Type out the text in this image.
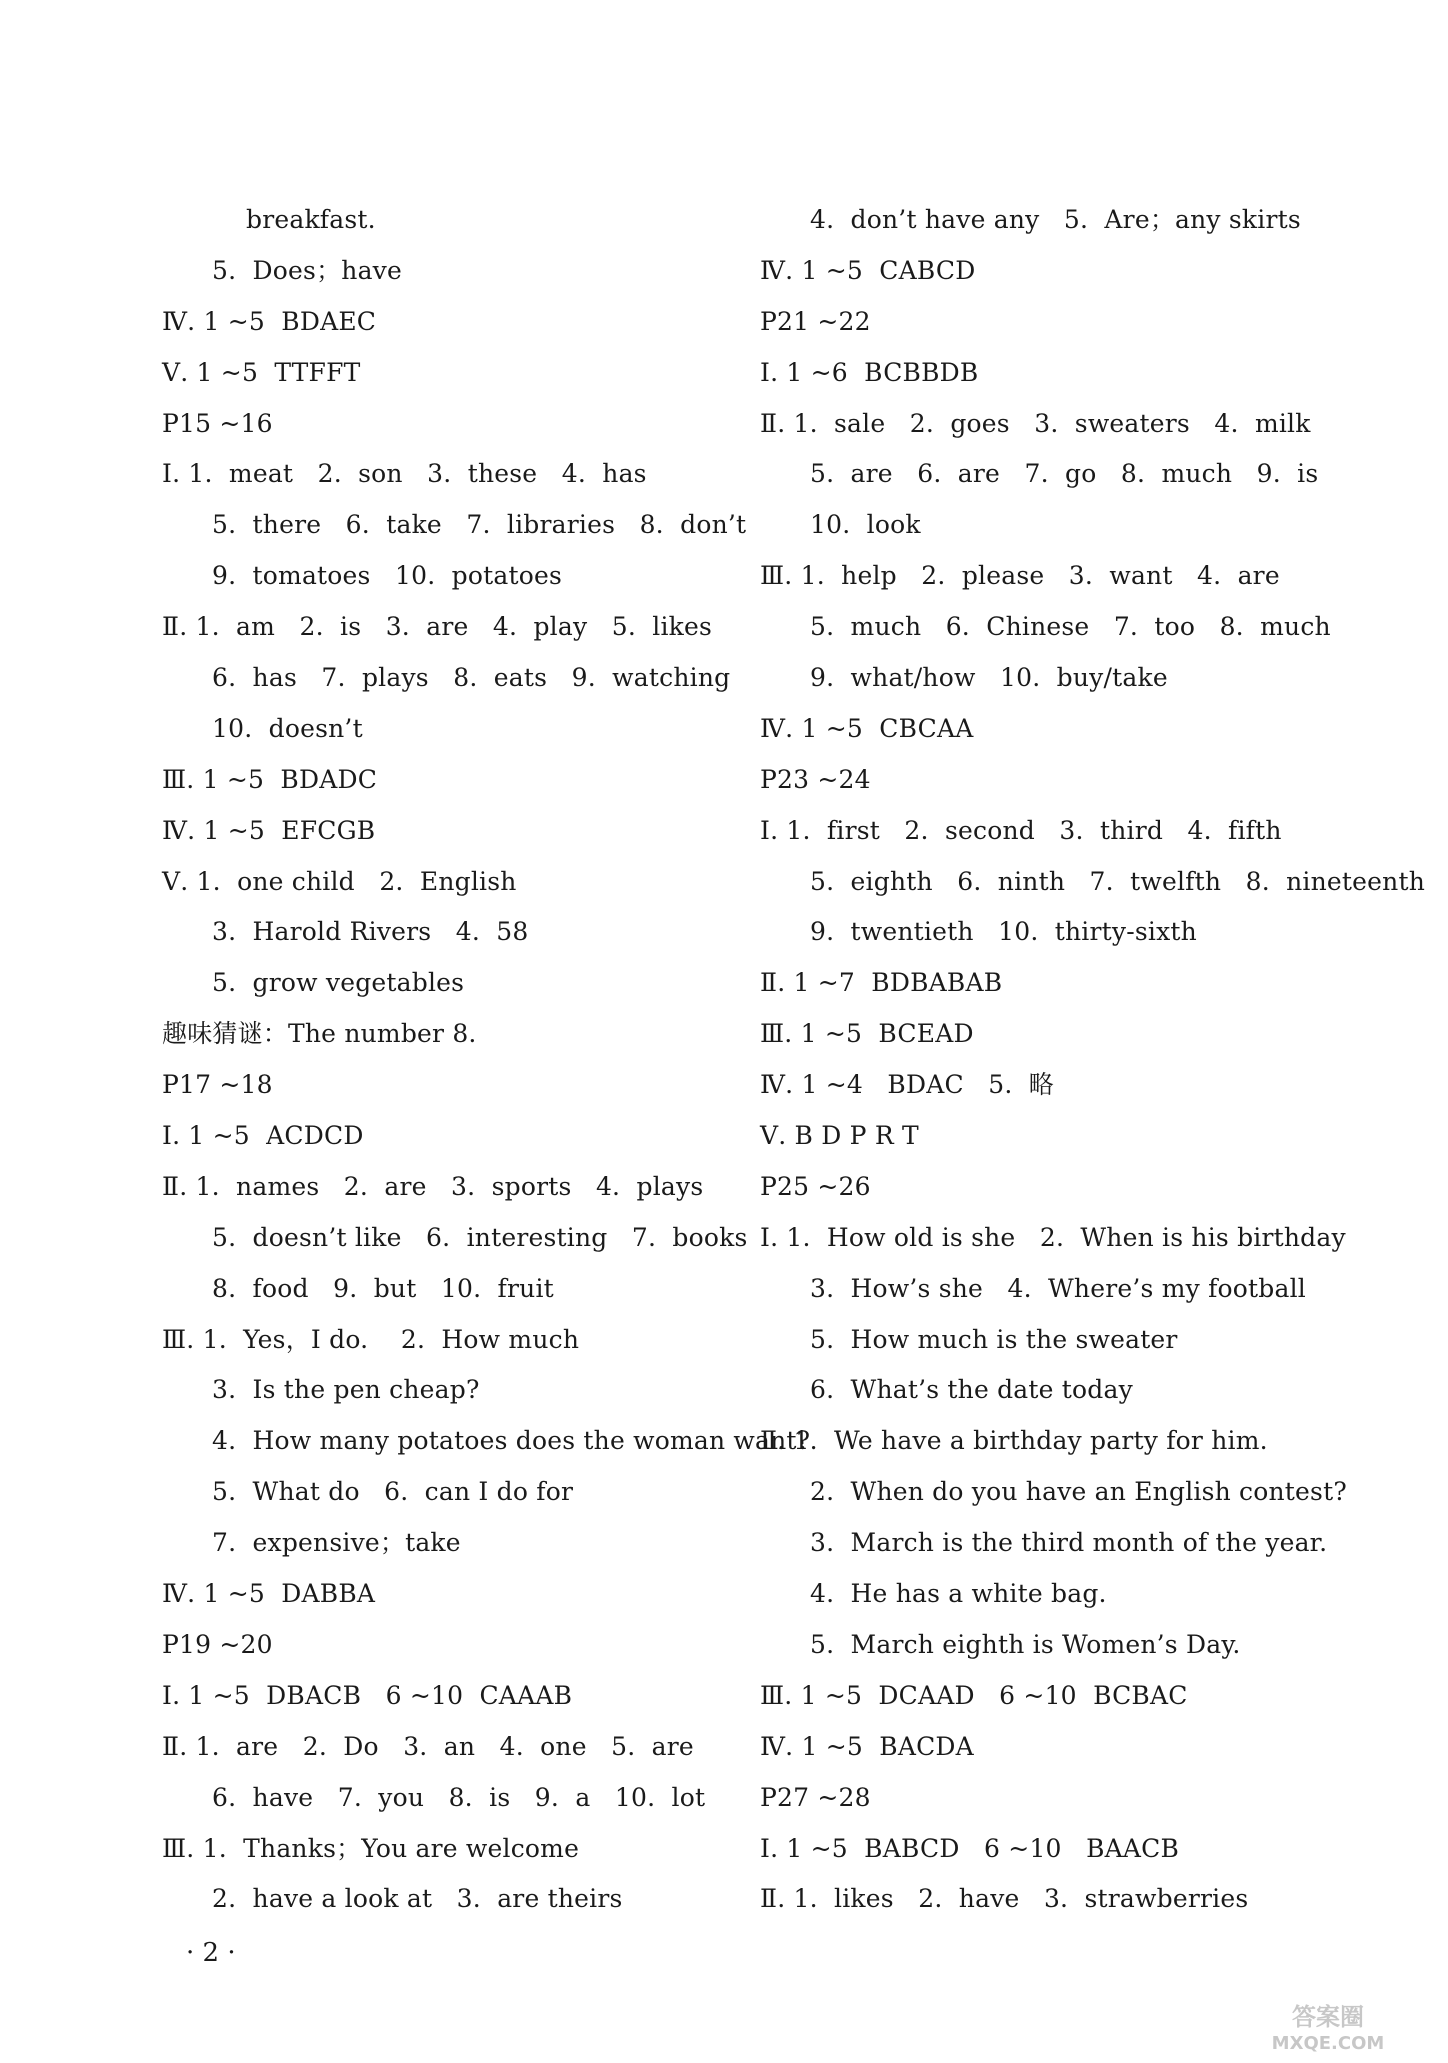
breakfast.
5.  Does；have
Ⅳ. 1 ~5  BDAEC
Ⅴ. 1 ~5  TTFFT
P15 ~16
Ⅰ. 1.  meat   2.  son   3.  these   4.  has
5.  there   6.  take   7.  libraries   8.  don’t
9.  tomatoes   10.  potatoes
Ⅱ. 1.  am   2.  is   3.  are   4.  play   5.  likes
6.  has   7.  plays   8.  eats   9.  watching
10.  doesn’t
Ⅲ. 1 ~5  BDADC
Ⅳ. 1 ~5  EFCGB
Ⅴ. 1.  one child   2.  English
3.  Harold Rivers   4.  58
5.  grow vegetables
趣味猜谜：The number 8.
P17 ~18
Ⅰ. 1 ~5  ACDCD
Ⅱ. 1.  names   2.  are   3.  sports   4.  plays
5.  doesn’t like   6.  interesting   7.  books
8.  food   9.  but   10.  fruit
Ⅲ. 1.  Yes，I do.    2.  How much
3.  Is the pen cheap?
4.  How many potatoes does the woman want?
5.  What do   6.  can I do for
7.  expensive；take
Ⅳ. 1 ~5  DABBA
P19 ~20
Ⅰ. 1 ~5  DBACB   6 ~10  CAAAB
Ⅱ. 1.  are   2.  Do   3.  an   4.  one   5.  are
6.  have   7.  you   8.  is   9.  a   10.  lot
Ⅲ. 1.  Thanks；You are welcome
2.  have a look at   3.  are theirs
4.  don’t have any   5.  Are；any skirts
Ⅳ. 1 ~5  CABCD
P21 ~22
Ⅰ. 1 ~6  BCBBDB
Ⅱ. 1.  sale   2.  goes   3.  sweaters   4.  milk
5.  are   6.  are   7.  go   8.  much   9.  is
10.  look
Ⅲ. 1.  help   2.  please   3.  want   4.  are
5.  much   6.  Chinese   7.  too   8.  much
9.  what/how   10.  buy/take
Ⅳ. 1 ~5  CBCAA
P23 ~24
Ⅰ. 1.  first   2.  second   3.  third   4.  fifth
5.  eighth   6.  ninth   7.  twelfth   8.  nineteenth
9.  twentieth   10.  thirty-sixth
Ⅱ. 1 ~7  BDBABAB
Ⅲ. 1 ~5  BCEAD
Ⅳ. 1 ~4   BDAC   5.  略
Ⅴ. B D P R T
P25 ~26
Ⅰ. 1.  How old is she   2.  When is his birthday
3.  How’s she   4.  Where’s my football
5.  How much is the sweater
6.  What’s the date today
Ⅱ. 1.  We have a birthday party for him.
2.  When do you have an English contest?
3.  March is the third month of the year.
4.  He has a white bag.
5.  March eighth is Women’s Day.
Ⅲ. 1 ~5  DCAAD   6 ~10  BCBAC
Ⅳ. 1 ~5  BACDA
P27 ~28
Ⅰ. 1 ~5  BABCD   6 ~10   BAACB
Ⅱ. 1.  likes   2.  have   3.  strawberries
· 2 ·
答案圈
MXQE.COM
